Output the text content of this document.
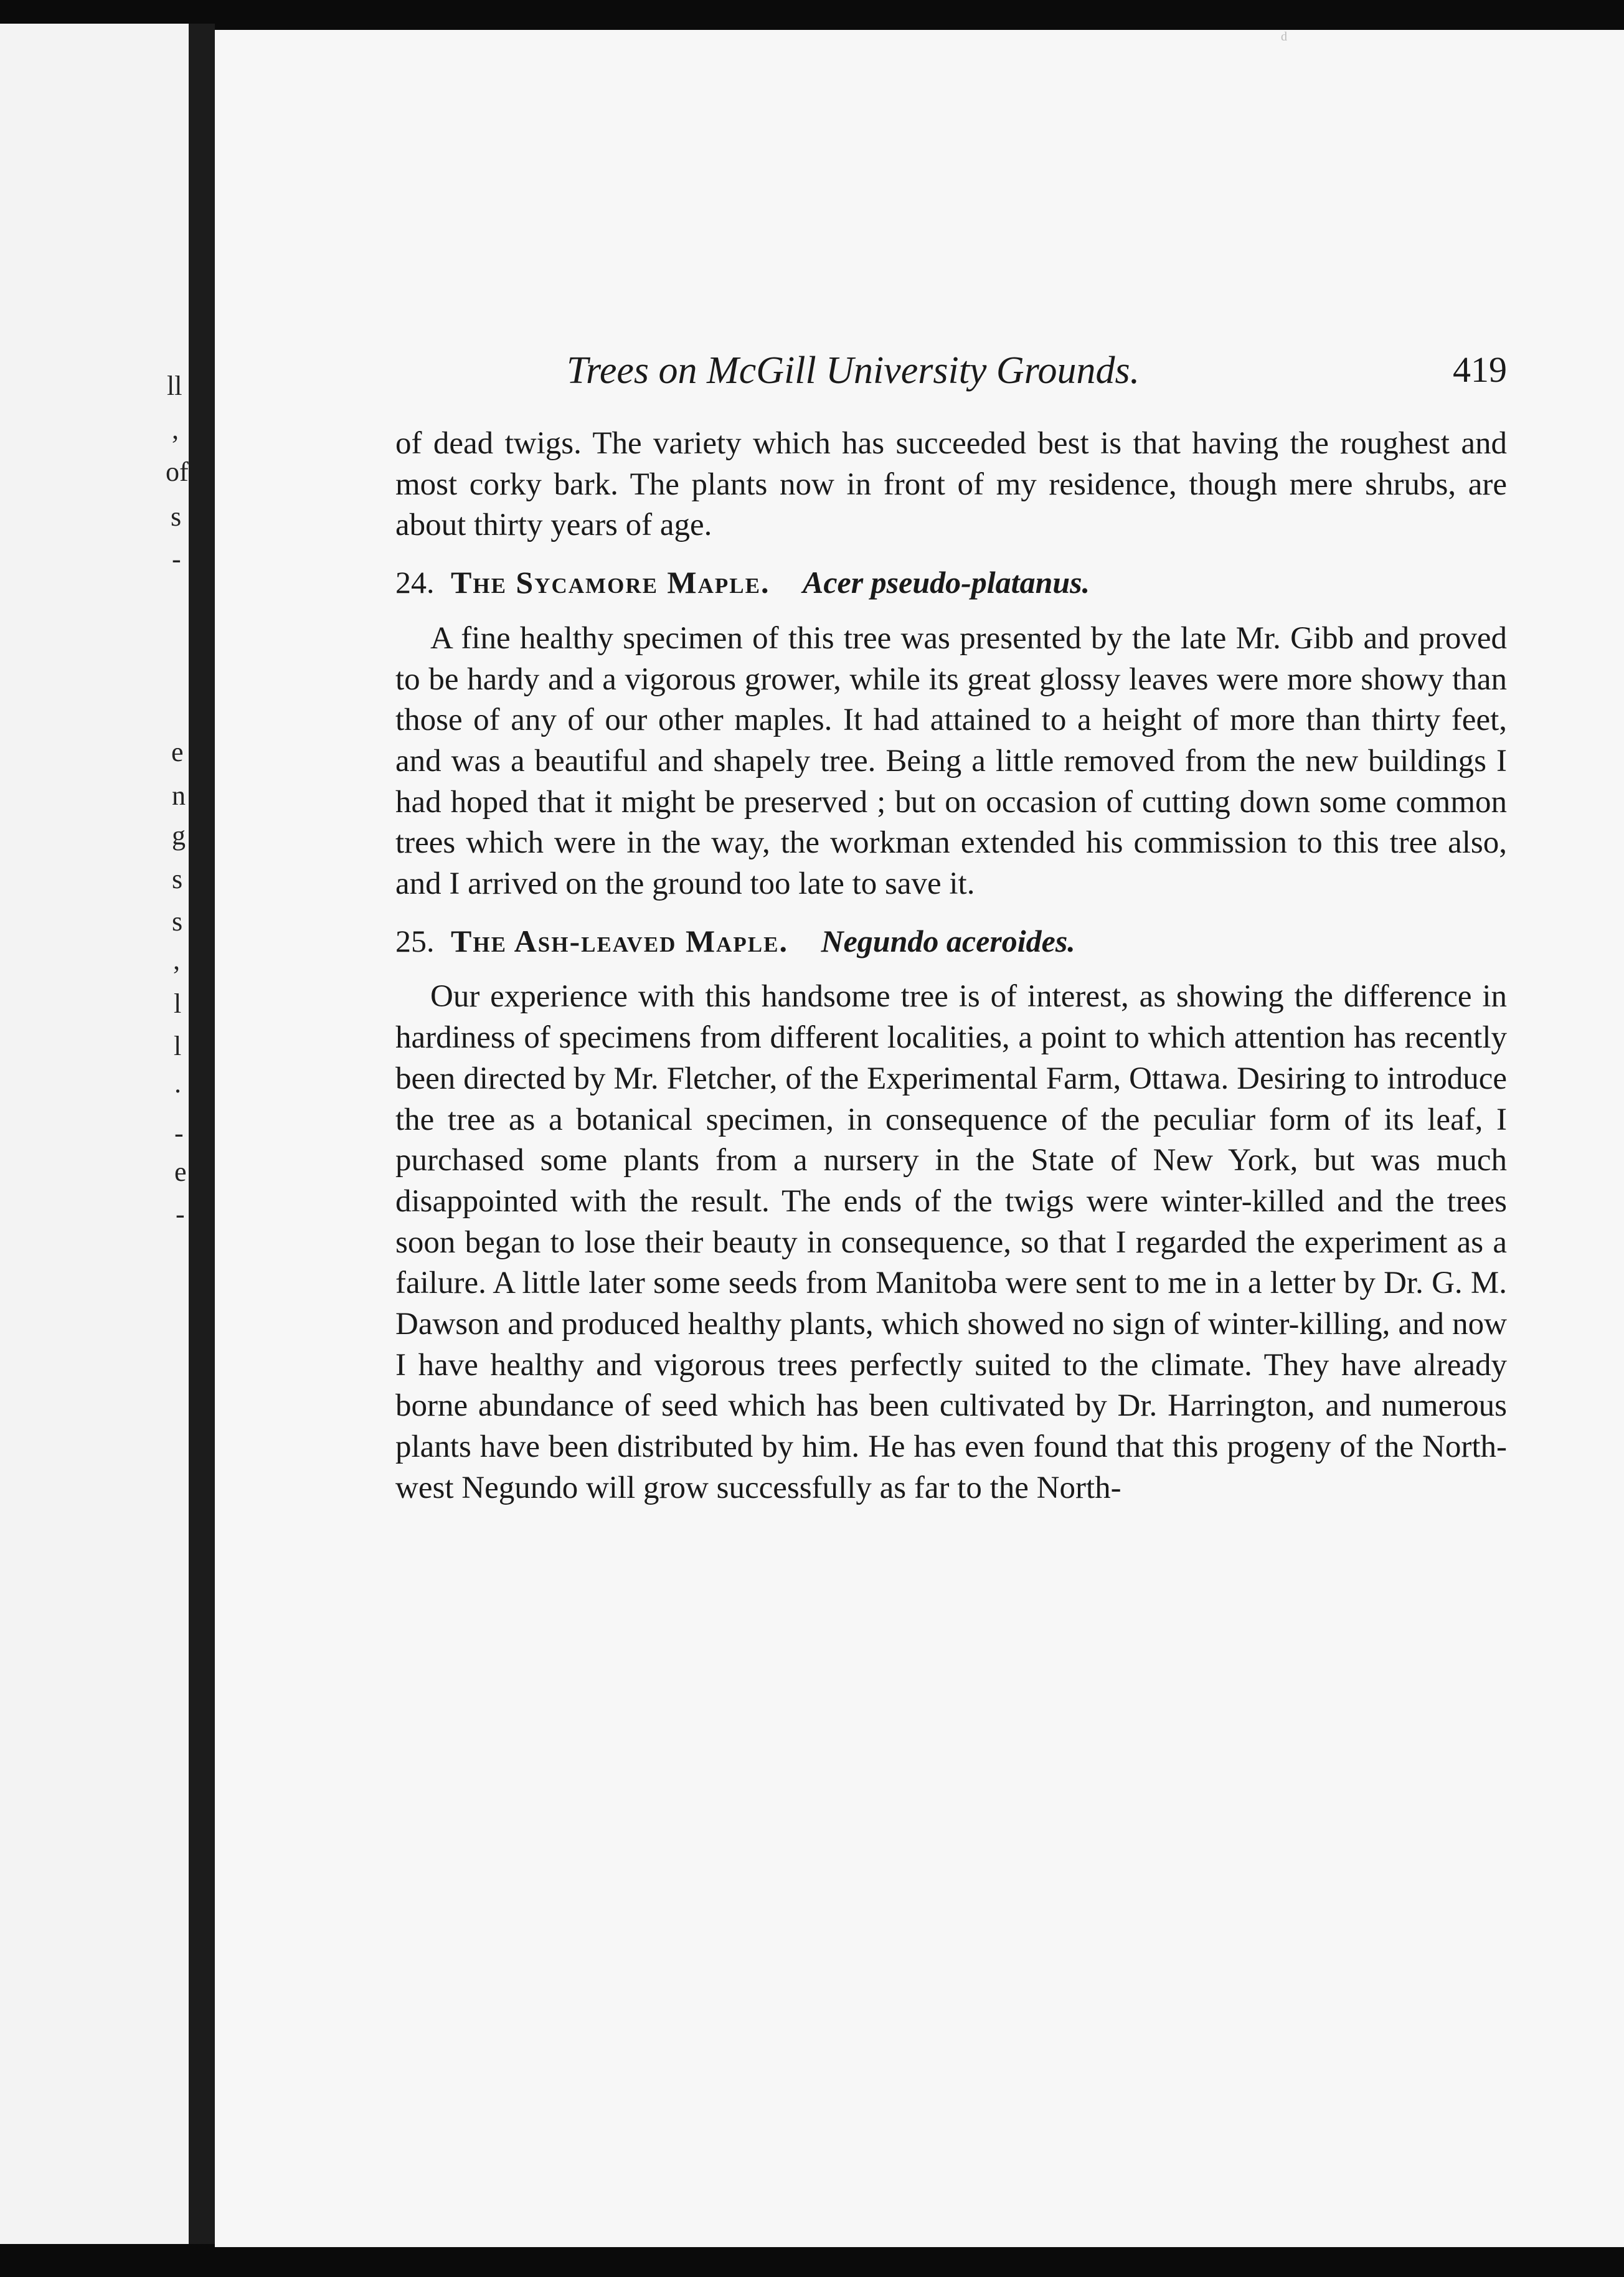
ll

,

of

s

-

e

n

g

s

s

,

l

l

.

-

e

-

d

Trees on McGill University Grounds.	419

of dead twigs. The variety which has succeeded best is that having the roughest and most corky bark. The plants now in front of my residence, though mere shrubs, are about thirty years of age.

24. The Sycamore Maple. Acer pseudo-platanus.

A fine healthy specimen of this tree was presented by the late Mr. Gibb and proved to be hardy and a vigorous grower, while its great glossy leaves were more showy than those of any of our other maples. It had attained to a height of more than thirty feet, and was a beautiful and shapely tree. Being a little removed from the new buildings I had hoped that it might be preserved ; but on occasion of cutting down some common trees which were in the way, the workman extended his commission to this tree also, and I arrived on the ground too late to save it.

25. The Ash-leaved Maple. Negundo aceroides.

Our experience with this handsome tree is of interest, as showing the difference in hardiness of specimens from different localities, a point to which attention has recently been directed by Mr. Fletcher, of the Experimental Farm, Ottawa. Desiring to introduce the tree as a botanical specimen, in consequence of the peculiar form of its leaf, I purchased some plants from a nursery in the State of New York, but was much disappointed with the result. The ends of the twigs were winter-killed and the trees soon began to lose their beauty in consequence, so that I regarded the experiment as a failure. A little later some seeds from Manitoba were sent to me in a letter by Dr. G. M. Dawson and produced healthy plants, which showed no sign of winter-killing, and now I have healthy and vigorous trees perfectly suited to the climate. They have already borne abundance of seed which has been cultivated by Dr. Harrington, and numerous plants have been distributed by him. He has even found that this progeny of the North-west Negundo will grow successfully as far to the North-
